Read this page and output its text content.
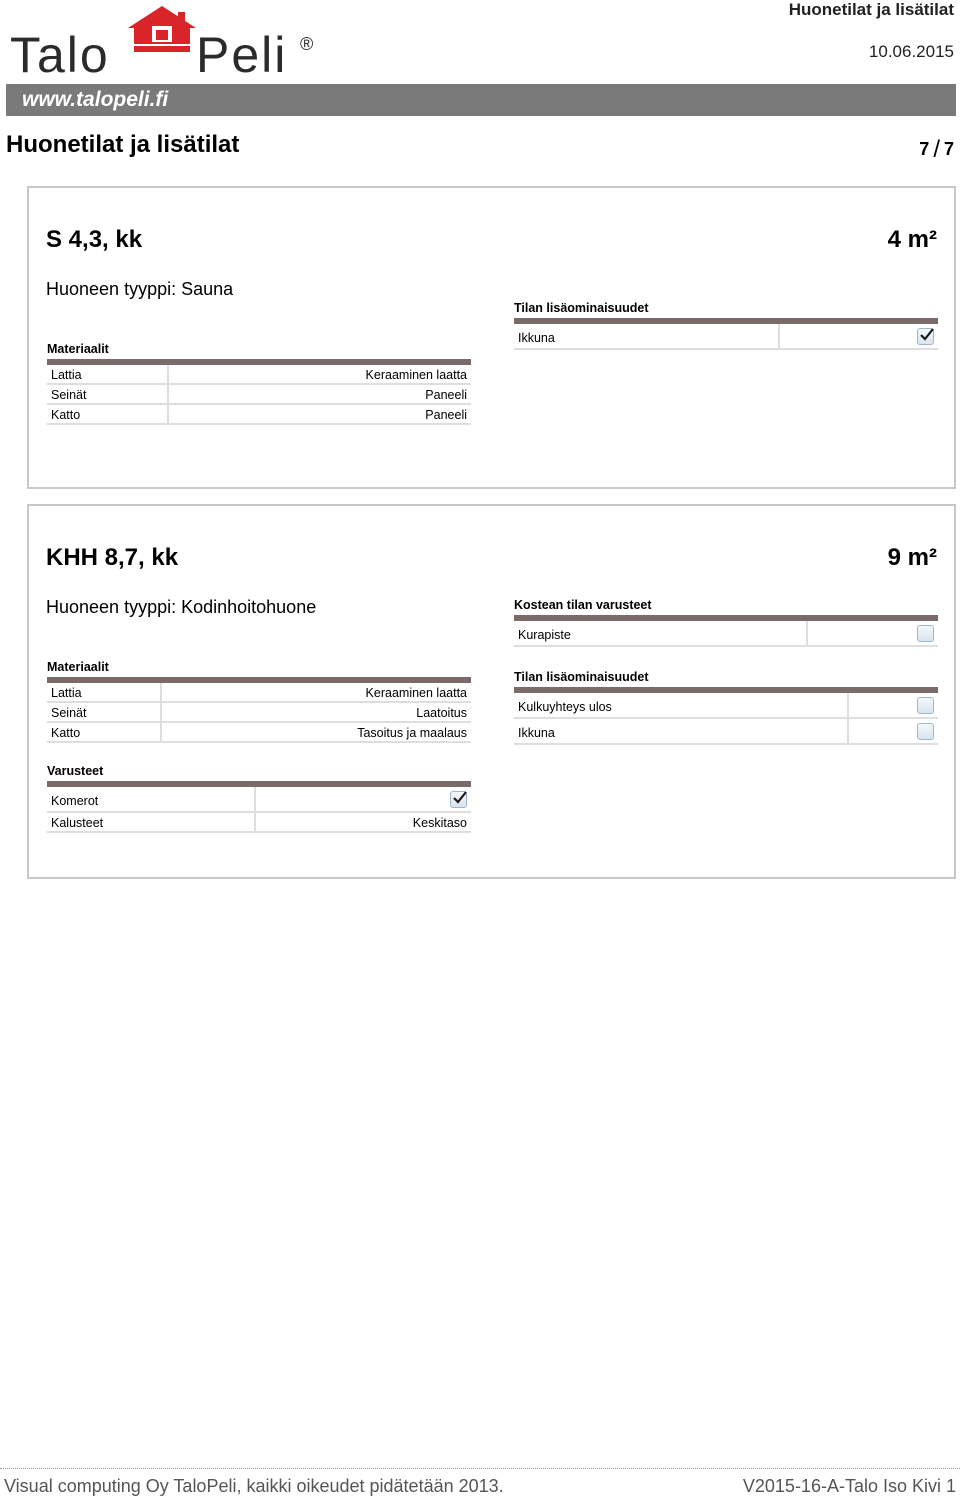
Talo Peli ®
Huonetilat ja lisätilat
10.06.2015
www.talopeli.fi
Huonetilat ja lisätilat	7 / 7
S 4,3, kk	4 m²
Huoneen tyyppi: Sauna
Materiaalit
Lattia	Keraaminen laatta
Seinät	Paneeli
Katto	Paneeli
Tilan lisäominaisuudet
Ikkuna
KHH 8,7, kk	9 m²
Huoneen tyyppi: Kodinhoitohuone
Materiaalit
Lattia	Keraaminen laatta
Seinät	Laatoitus
Katto	Tasoitus ja maalaus
Varusteet
Komerot
Kalusteet	Keskitaso
Kostean tilan varusteet
Kurapiste
Tilan lisäominaisuudet
Kulkuyhteys ulos
Ikkuna
Visual computing Oy TaloPeli, kaikki oikeudet pidätetään 2013.	V2015-16-A-Talo Iso Kivi 1
